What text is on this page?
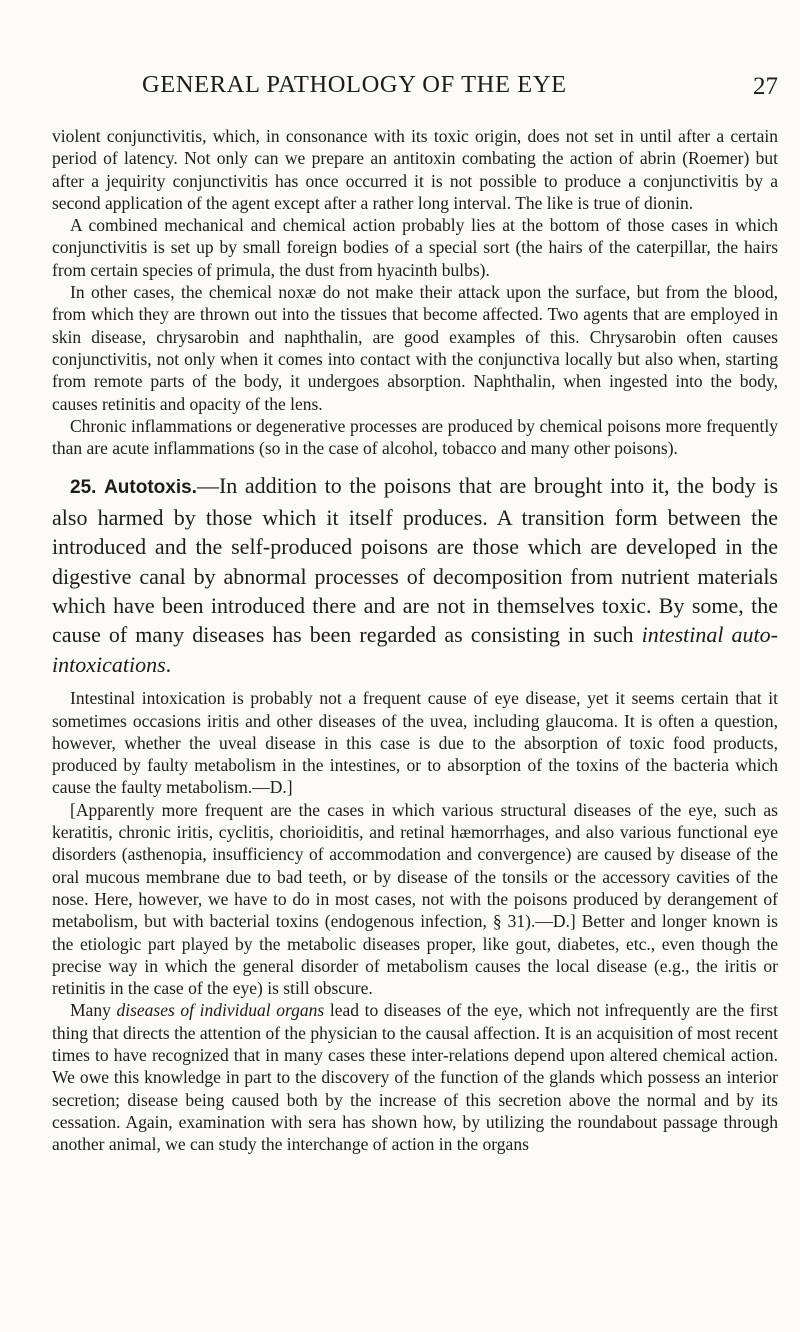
GENERAL PATHOLOGY OF THE EYE	27

violent conjunctivitis, which, in consonance with its toxic origin, does not set in until after a certain period of latency. Not only can we prepare an antitoxin combating the action of abrin (Roemer) but after a jequirity conjunctivitis has once occurred it is not possible to produce a conjunctivitis by a second application of the agent except after a rather long interval. The like is true of dionin.

A combined mechanical and chemical action probably lies at the bottom of those cases in which conjunctivitis is set up by small foreign bodies of a special sort (the hairs of the caterpillar, the hairs from certain species of primula, the dust from hyacinth bulbs).

In other cases, the chemical noxæ do not make their attack upon the surface, but from the blood, from which they are thrown out into the tissues that become affected. Two agents that are employed in skin disease, chrysarobin and naphthalin, are good examples of this. Chrysarobin often causes conjunctivitis, not only when it comes into contact with the conjunctiva locally but also when, starting from remote parts of the body, it undergoes absorption. Naphthalin, when ingested into the body, causes retinitis and opacity of the lens.

Chronic inflammations or degenerative processes are produced by chemical poisons more frequently than are acute inflammations (so in the case of alcohol, tobacco and many other poisons).

25. Autotoxis.—In addition to the poisons that are brought into it, the body is also harmed by those which it itself produces. A transition form between the introduced and the self-produced poisons are those which are developed in the digestive canal by abnormal processes of decomposition from nutrient materials which have been introduced there and are not in themselves toxic. By some, the cause of many diseases has been regarded as consisting in such intestinal auto-intoxications.

Intestinal intoxication is probably not a frequent cause of eye disease, yet it seems certain that it sometimes occasions iritis and other diseases of the uvea, including glaucoma. It is often a question, however, whether the uveal disease in this case is due to the absorption of toxic food products, produced by faulty metabolism in the intestines, or to absorption of the toxins of the bacteria which cause the faulty metabolism.—D.]

[Apparently more frequent are the cases in which various structural diseases of the eye, such as keratitis, chronic iritis, cyclitis, chorioiditis, and retinal hæmorrhages, and also various functional eye disorders (asthenopia, insufficiency of accommodation and convergence) are caused by disease of the oral mucous membrane due to bad teeth, or by disease of the tonsils or the accessory cavities of the nose. Here, however, we have to do in most cases, not with the poisons produced by derangement of metabolism, but with bacterial toxins (endogenous infection, § 31).—D.] Better and longer known is the etiologic part played by the metabolic diseases proper, like gout, diabetes, etc., even though the precise way in which the general disorder of metabolism causes the local disease (e.g., the iritis or retinitis in the case of the eye) is still obscure.

Many diseases of individual organs lead to diseases of the eye, which not infrequently are the first thing that directs the attention of the physician to the causal affection. It is an acquisition of most recent times to have recognized that in many cases these inter-relations depend upon altered chemical action. We owe this knowledge in part to the discovery of the function of the glands which possess an interior secretion; disease being caused both by the increase of this secretion above the normal and by its cessation. Again, examination with sera has shown how, by utilizing the roundabout passage through another animal, we can study the interchange of action in the organs
